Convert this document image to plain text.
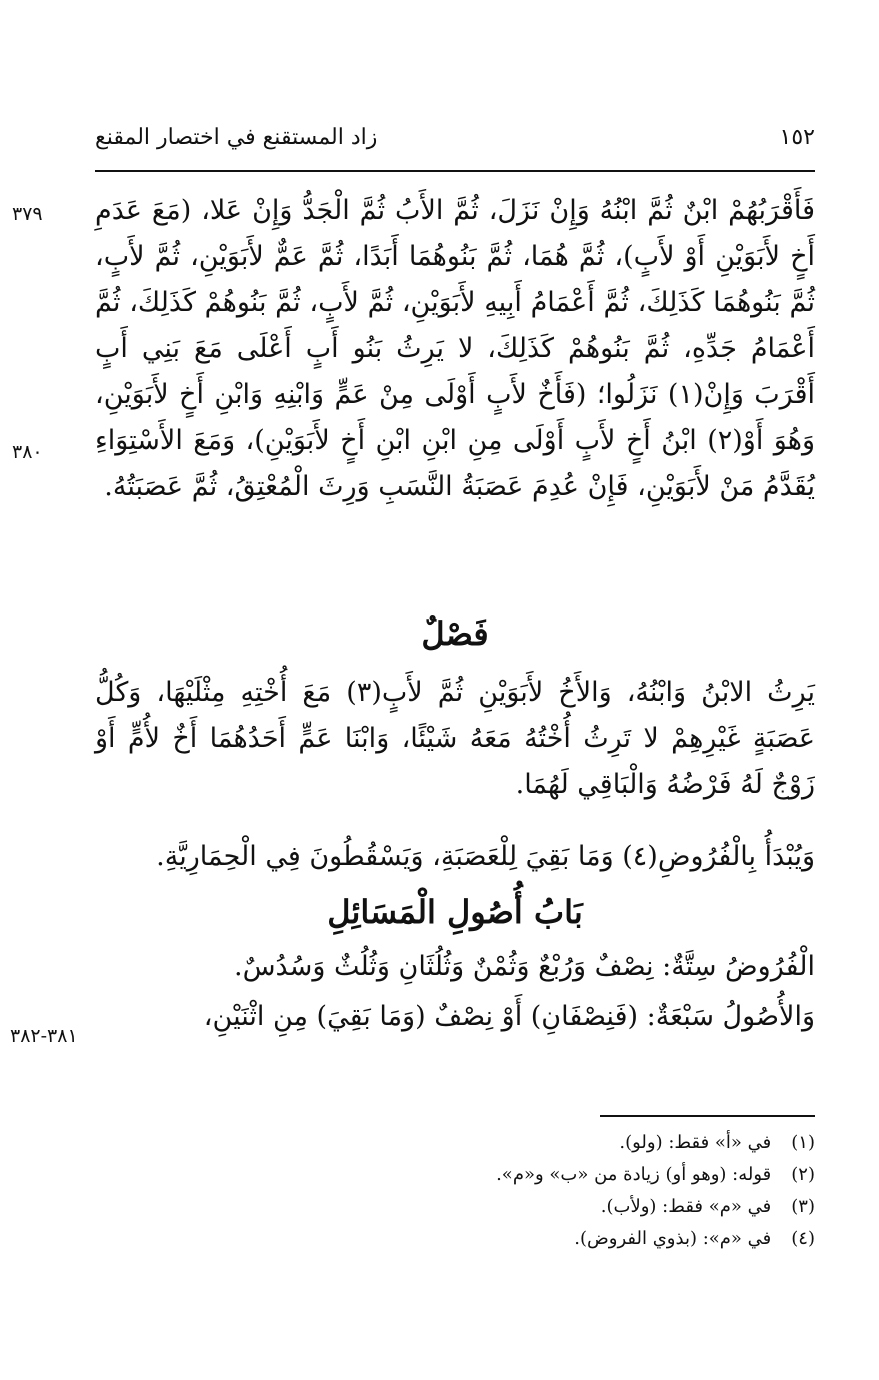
١٥٢
زاد المستقنع في اختصار المقنع
٣٧٩
٣٨٠
٣٨١-٣٨٢

فَأَقْرَبُهُمْ ابْنٌ ثُمَّ ابْنُهُ وَإِنْ نَزَلَ، ثُمَّ الأَبُ ثُمَّ الْجَدُّ وَإِنْ عَلا، (مَعَ عَدَمِ أَخٍ لأَبَوَيْنِ أَوْ لأَبٍ)، ثُمَّ هُمَا، ثُمَّ بَنُوهُمَا أَبَدًا، ثُمَّ عَمٌّ لأَبَوَيْنِ، ثُمَّ لأَبٍ، ثُمَّ بَنُوهُمَا كَذَلِكَ، ثُمَّ أَعْمَامُ أَبِيهِ لأَبَوَيْنِ، ثُمَّ لأَبٍ، ثُمَّ بَنُوهُمْ كَذَلِكَ، ثُمَّ أَعْمَامُ جَدِّهِ، ثُمَّ بَنُوهُمْ كَذَلِكَ، لا يَرِثُ بَنُو أَبٍ أَعْلَى مَعَ بَنِي أَبٍ أَقْرَبَ وَإِنْ(١) نَزَلُوا؛ (فَأَخٌ لأَبٍ أَوْلَى مِنْ عَمٍّ وَابْنِهِ وَابْنِ أَخٍ لأَبَوَيْنِ، وَهُوَ أَوْ(٢) ابْنُ أَخٍ لأَبٍ أَوْلَى مِنِ ابْنِ ابْنِ أَخٍ لأَبَوَيْنِ)، وَمَعَ الأَسْتِوَاءِ يُقَدَّمُ مَنْ لأَبَوَيْنِ، فَإِنْ عُدِمَ عَصَبَةُ النَّسَبِ وَرِثَ الْمُعْتِقُ، ثُمَّ عَصَبَتُهُ.

فَصْلٌ

يَرِثُ الابْنُ وَابْنُهُ، وَالأَخُ لأَبَوَيْنِ ثُمَّ لأَبٍ(٣) مَعَ أُخْتِهِ مِثْلَيْهَا، وَكُلُّ عَصَبَةٍ غَيْرِهِمْ لا تَرِثُ أُخْتُهُ مَعَهُ شَيْئًا، وَابْنَا عَمٍّ أَحَدُهُمَا أَخٌ لأُمٍّ أَوْ زَوْجٌ لَهُ فَرْضُهُ وَالْبَاقِي لَهُمَا.

وَيُبْدَأُ بِالْفُرُوضِ(٤) وَمَا بَقِيَ لِلْعَصَبَةِ، وَيَسْقُطُونَ فِي الْحِمَارِيَّةِ.

بَابُ أُصُولِ الْمَسَائِلِ

الْفُرُوضُ سِتَّةٌ: نِصْفٌ وَرُبْعٌ وَثُمْنٌ وَثُلُثَانِ وَثُلُثٌ وَسُدُسٌ.

وَالأُصُولُ سَبْعَةٌ: (فَنِصْفَانِ) أَوْ نِصْفٌ (وَمَا بَقِيَ) مِنِ اثْنَيْنِ،

(١) في «أ» فقط: (ولو).

(٢) قوله: (وهو أو) زيادة من «ب» و«م».

(٣) في «م» فقط: (ولأب).

(٤) في «م»: (بذوي الفروض).
